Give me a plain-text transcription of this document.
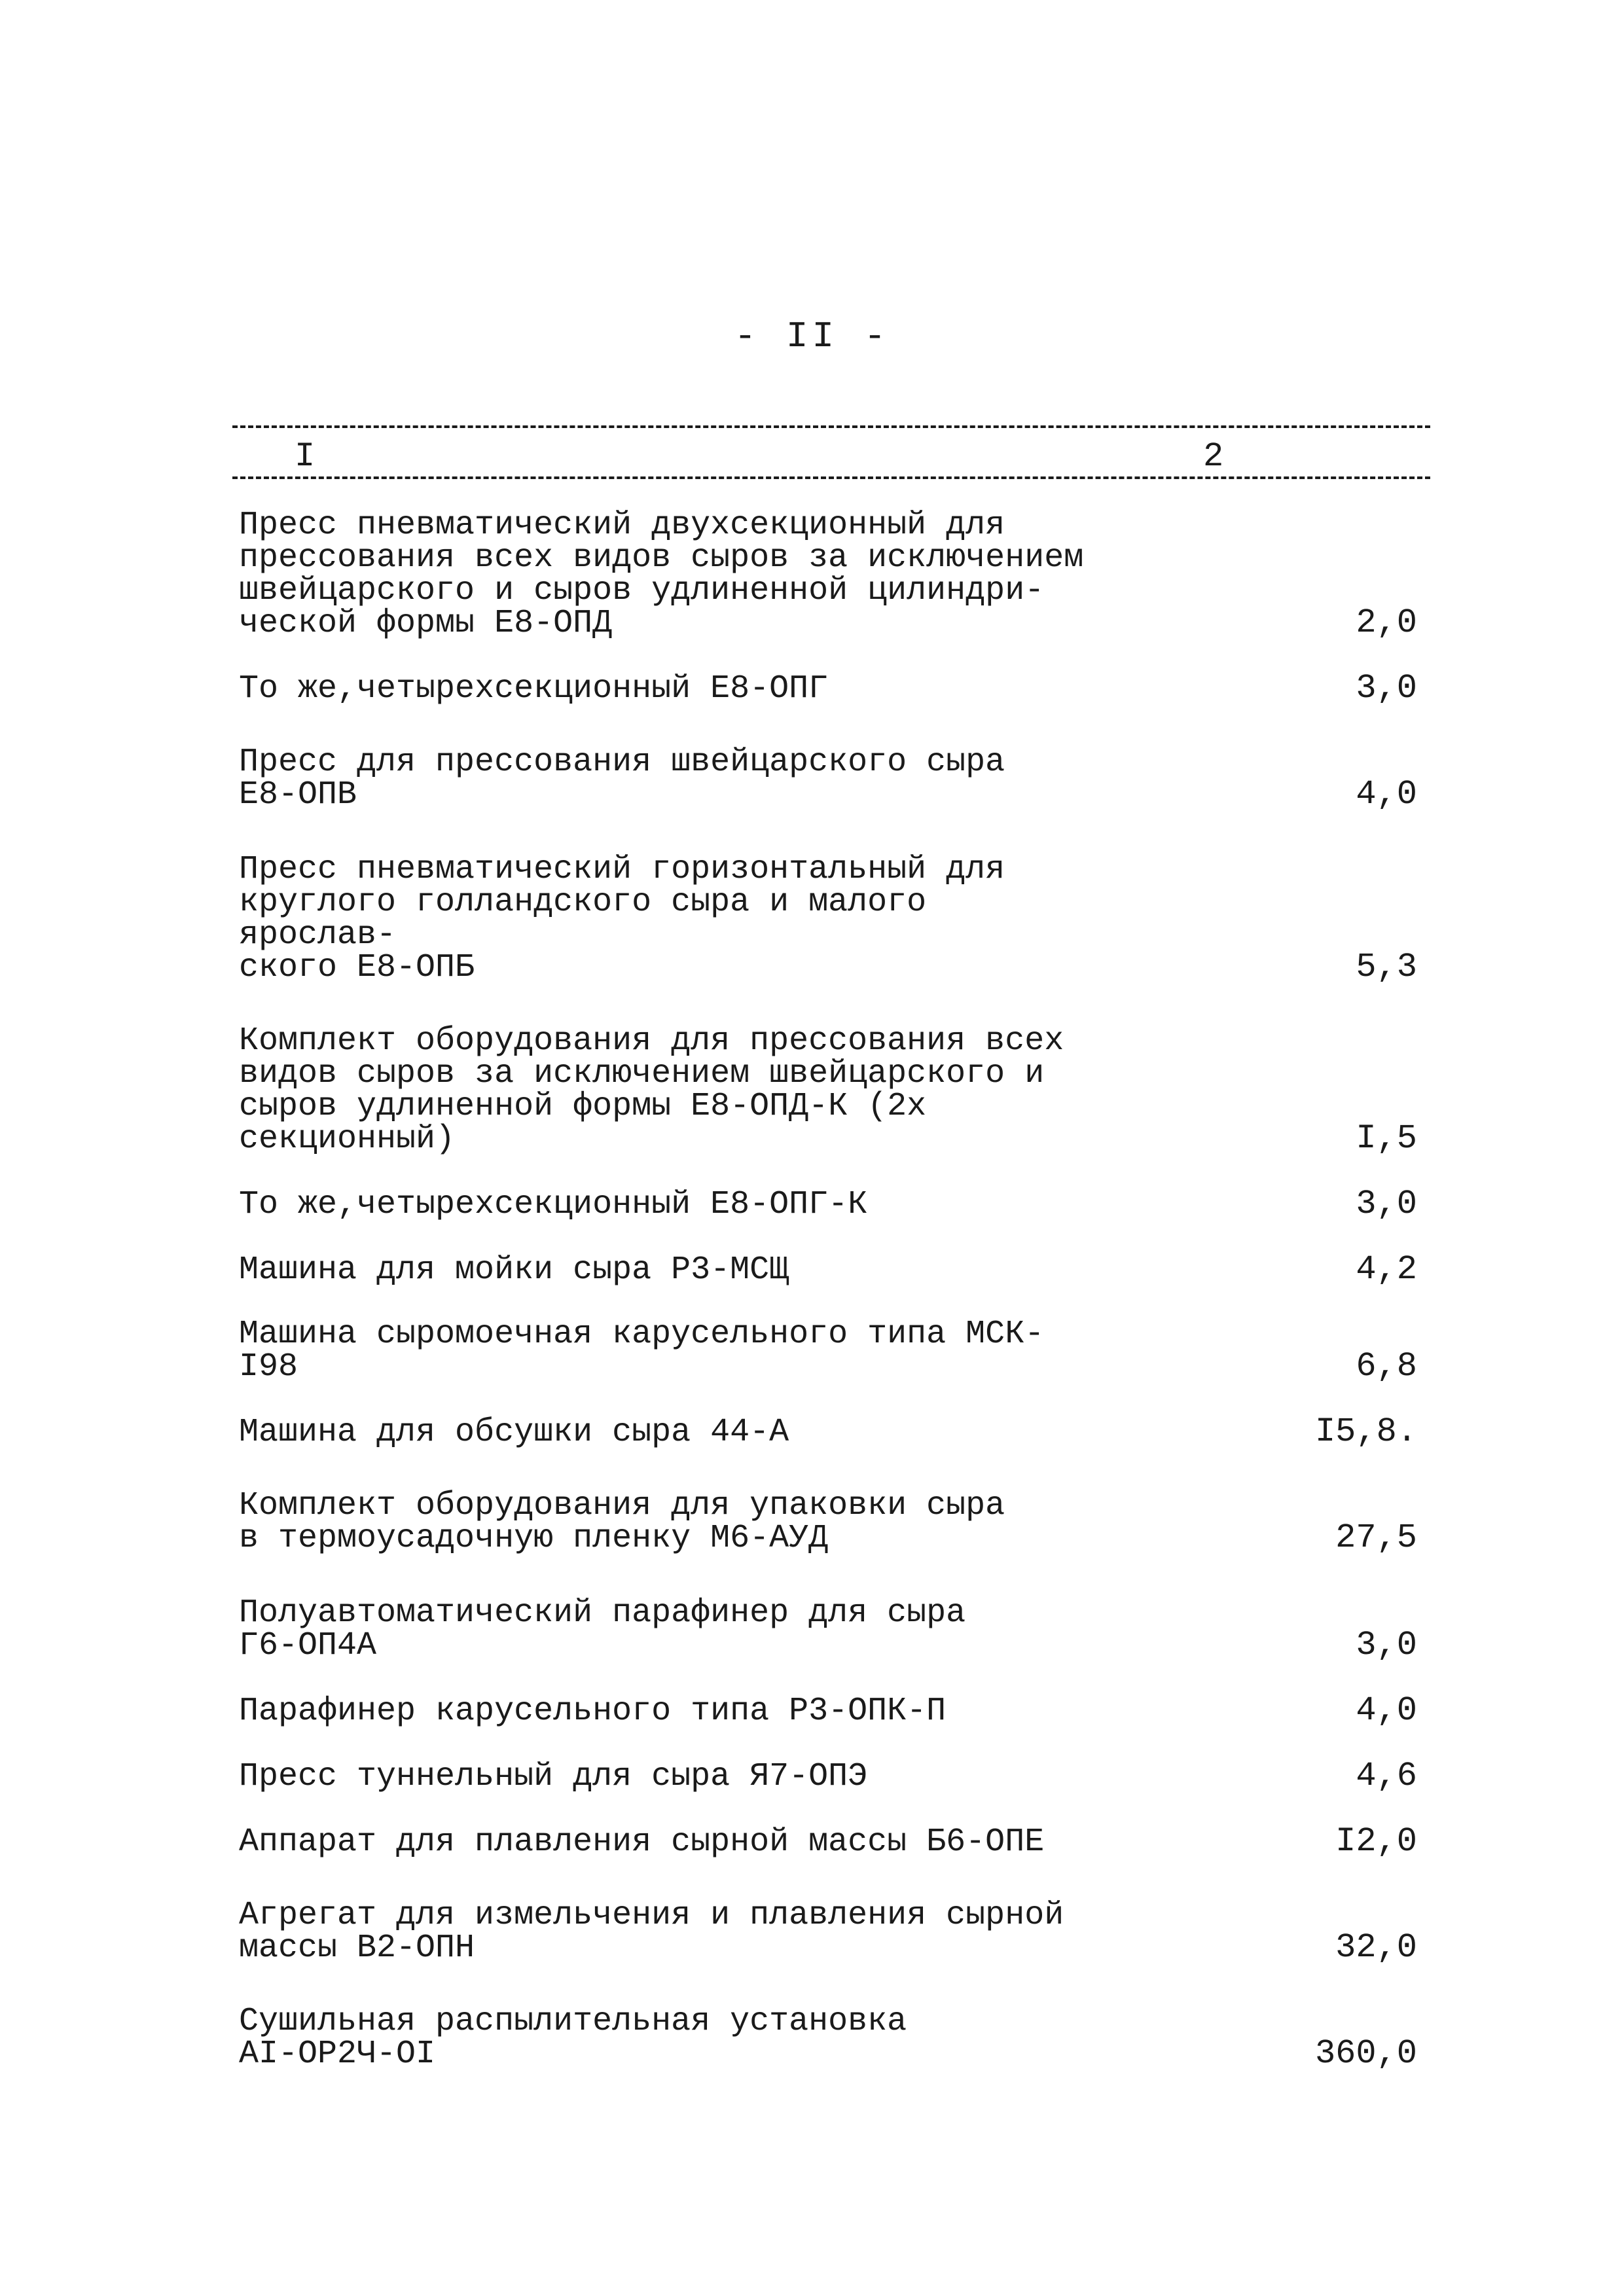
- II -
I	2
Пресс пневматический двухсекционный для
прессования всех видов сыров за исключением
швейцарского и сыров удлиненной цилиндри-
ческой формы Е8-ОПД	2,0
То же,четырехсекционный Е8-ОПГ	3,0
Пресс для прессования швейцарского сыра
Е8-ОПВ	4,0
Пресс пневматический горизонтальный для
круглого голландского сыра и малого ярослав-
ского Е8-ОПБ	5,3
Комплект оборудования для прессования всех
видов сыров за исключением швейцарского и
сыров удлиненной формы Е8-ОПД-К (2х секционный)	I,5
То же,четырехсекционный Е8-ОПГ-К	3,0
Машина для мойки сыра Р3-МСЩ	4,2
Машина сыромоечная карусельного типа МСК-I98	6,8
Машина для обсушки сыра 44-А	I5,8.
Комплект оборудования для упаковки сыра
в термоусадочную пленку М6-АУД	27,5
Полуавтоматический парафинер для сыра
Г6-ОП4А	3,0
Парафинер карусельного типа Р3-ОПК-П	4,0
Пресс туннельный для сыра Я7-ОПЭ	4,6
Аппарат для плавления сырной массы Б6-ОПЕ	I2,0
Агрегат для измельчения и плавления сырной
массы В2-ОПН	32,0
Сушильная распылительная установка
АI-ОР2Ч-ОI	360,0
